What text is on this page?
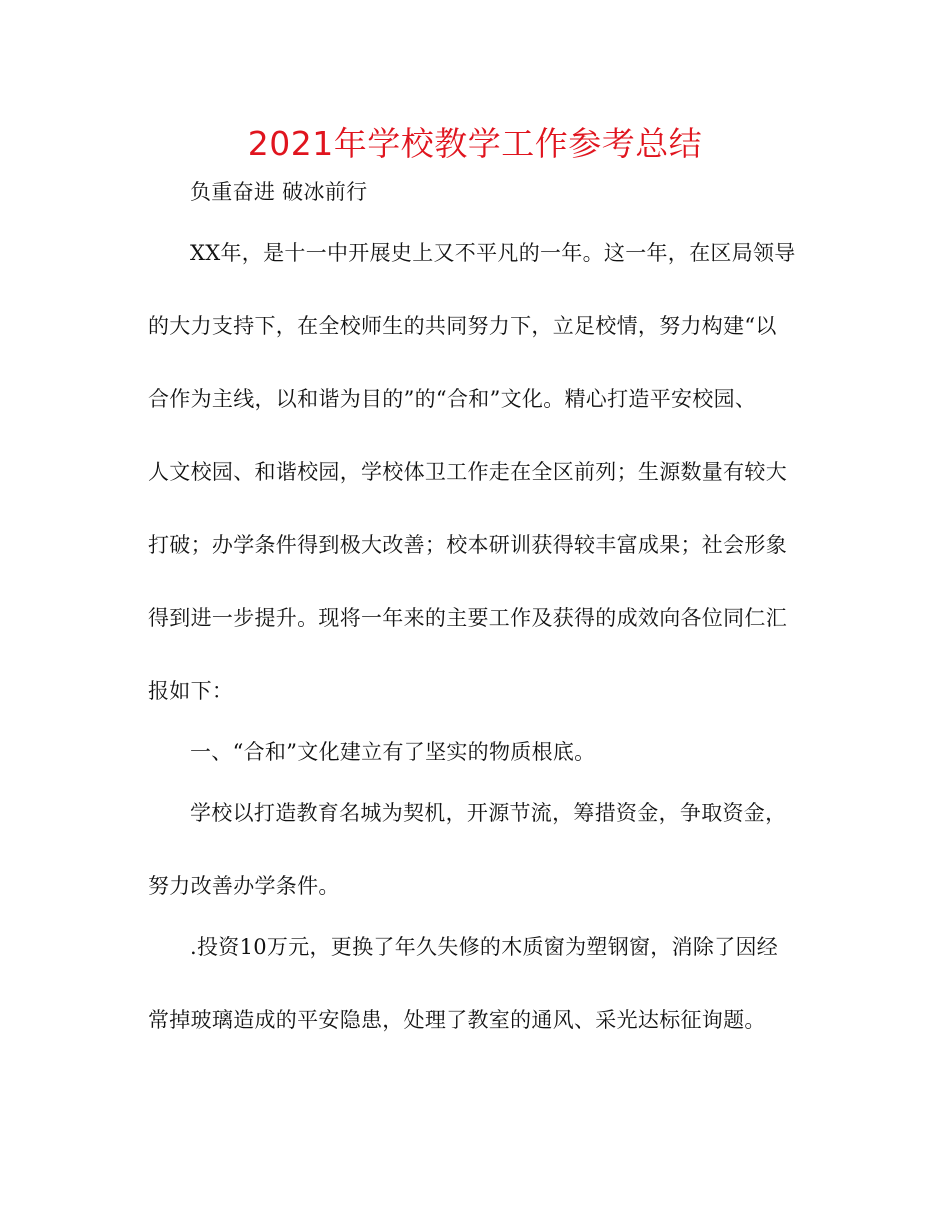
2021年学校教学工作参考总结
负重奋进 破冰前行
XX年，是十一中开展史上又不平凡的一年。这一年，在区局领导
的大力支持下，在全校师生的共同努力下，立足校情，努力构建“以
合作为主线，以和谐为目的”的“合和”文化。精心打造平安校园、
人文校园、和谐校园，学校体卫工作走在全区前列；生源数量有较大
打破；办学条件得到极大改善；校本研训获得较丰富成果；社会形象
得到进一步提升。现将一年来的主要工作及获得的成效向各位同仁汇
报如下：
一、“合和”文化建立有了坚实的物质根底。
学校以打造教育名城为契机，开源节流，筹措资金，争取资金，
努力改善办学条件。
.投资10万元，更换了年久失修的木质窗为塑钢窗，消除了因经
常掉玻璃造成的平安隐患，处理了教室的通风、采光达标征询题。
